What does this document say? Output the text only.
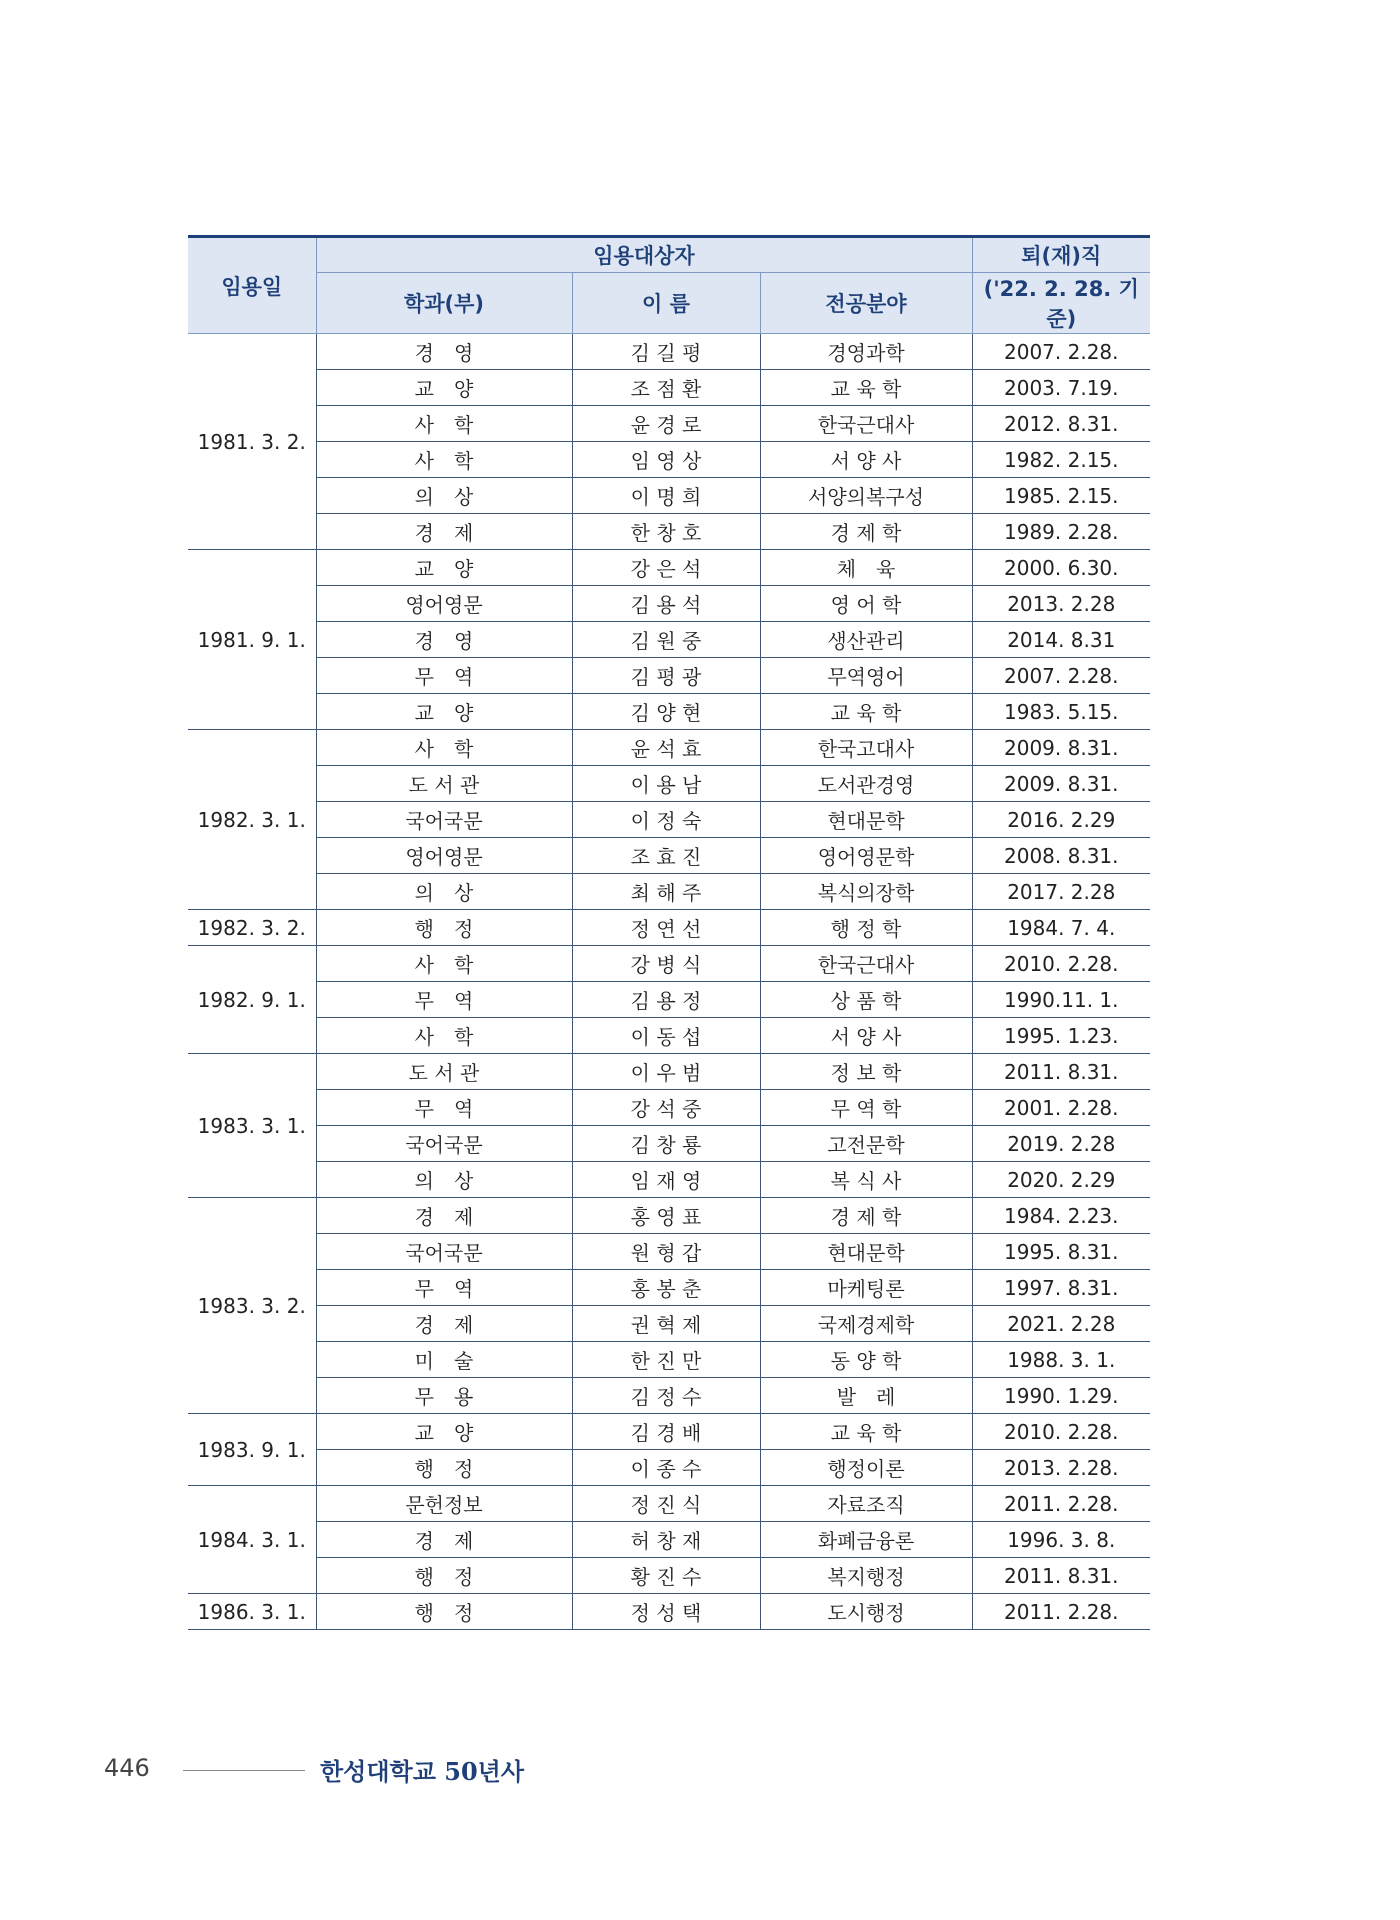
임용일	임용대상자			퇴(재)직
	학과(부)	이 름	전공분야	('22. 2. 28. 기준)
1981. 3. 2.	경　영	김 길 평	경영과학	2007. 2.28.
	교　양	조 점 환	교 육 학	2003. 7.19.
	사　학	윤 경 로	한국근대사	2012. 8.31.
	사　학	임 영 상	서 양 사	1982. 2.15.
	의　상	이 명 희	서양의복구성	1985. 2.15.
	경　제	한 창 호	경 제 학	1989. 2.28.
1981. 9. 1.	교　양	강 은 석	체　육	2000. 6.30.
	영어영문	김 용 석	영 어 학	2013. 2.28
	경　영	김 원 중	생산관리	2014. 8.31
	무　역	김 평 광	무역영어	2007. 2.28.
	교　양	김 양 현	교 육 학	1983. 5.15.
1982. 3. 1.	사　학	윤 석 효	한국고대사	2009. 8.31.
	도 서 관	이 용 남	도서관경영	2009. 8.31.
	국어국문	이 정 숙	현대문학	2016. 2.29
	영어영문	조 효 진	영어영문학	2008. 8.31.
	의　상	최 해 주	복식의장학	2017. 2.28
1982. 3. 2.	행　정	정 연 선	행 정 학	1984. 7. 4.
1982. 9. 1.	사　학	강 병 식	한국근대사	2010. 2.28.
	무　역	김 용 정	상 품 학	1990.11. 1.
	사　학	이 동 섭	서 양 사	1995. 1.23.
1983. 3. 1.	도 서 관	이 우 범	정 보 학	2011. 8.31.
	무　역	강 석 중	무 역 학	2001. 2.28.
	국어국문	김 창 룡	고전문학	2019. 2.28
	의　상	임 재 영	복 식 사	2020. 2.29
1983. 3. 2.	경　제	홍 영 표	경 제 학	1984. 2.23.
	국어국문	원 형 갑	현대문학	1995. 8.31.
	무　역	홍 봉 춘	마케팅론	1997. 8.31.
	경　제	권 혁 제	국제경제학	2021. 2.28
	미　술	한 진 만	동 양 학	1988. 3. 1.
	무　용	김 정 수	발　레	1990. 1.29.
1983. 9. 1.	교　양	김 경 배	교 육 학	2010. 2.28.
	행　정	이 종 수	행정이론	2013. 2.28.
1984. 3. 1.	문헌정보	정 진 식	자료조직	2011. 2.28.
	경　제	허 창 재	화폐금융론	1996. 3. 8.
	행　정	황 진 수	복지행정	2011. 8.31.
1986. 3. 1.	행　정	정 성 택	도시행정	2011. 2.28.
446	한성대학교 50년사
